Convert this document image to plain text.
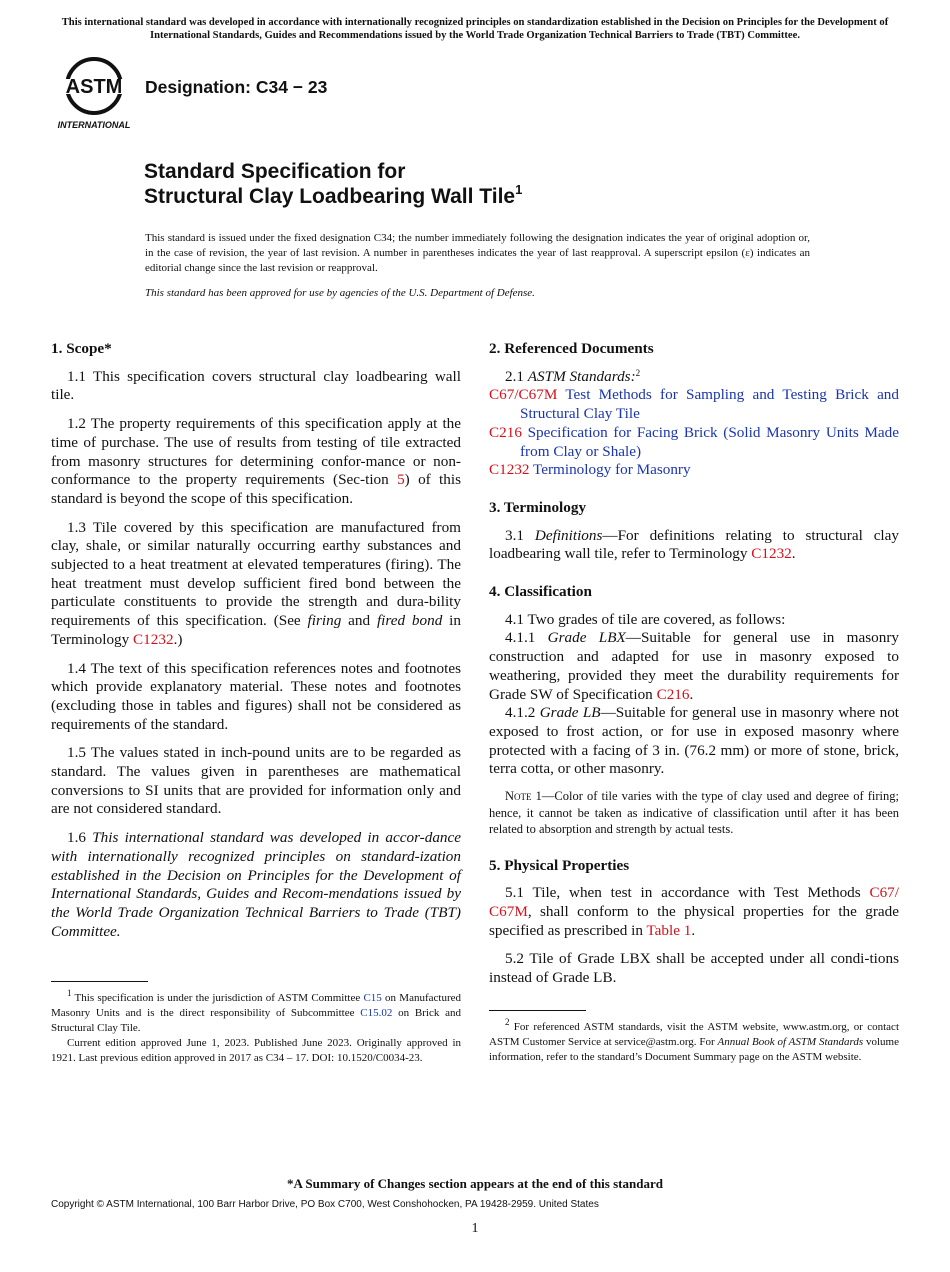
This international standard was developed in accordance with internationally recognized principles on standardization established in the Decision on Principles for the Development of International Standards, Guides and Recommendations issued by the World Trade Organization Technical Barriers to Trade (TBT) Committee.
ASTM
INTERNATIONAL
Designation: C34 − 23
Standard Specification for
Structural Clay Loadbearing Wall Tile$^1$

This standard is issued under the fixed designation C34; the number immediately following the designation indicates the year of original adoption or, in the case of revision, the year of last revision. A number in parentheses indicates the year of last reapproval. A superscript epsilon (ε) indicates an editorial change since the last revision or reapproval.

This standard has been approved for use by agencies of the U.S. Department of Defense.

1. Scope*

1.1 This specification covers structural clay loadbearing wall tile.

1.2 The property requirements of this specification apply at the time of purchase. The use of results from testing of tile extracted from masonry structures for determining confor-mance or non-conformance to the property requirements (Sec-tion 5) of this standard is beyond the scope of this specification.

1.3 Tile covered by this specification are manufactured from clay, shale, or similar naturally occurring earthy substances and subjected to a heat treatment at elevated temperatures (firing). The heat treatment must develop sufficient fired bond between the particulate constituents to provide the strength and dura-bility requirements of this specification. (See firing and fired bond in Terminology C1232.)

1.4 The text of this specification references notes and footnotes which provide explanatory material. These notes and footnotes (excluding those in tables and figures) shall not be considered as requirements of the standard.

1.5 The values stated in inch-pound units are to be regarded as standard. The values given in parentheses are mathematical conversions to SI units that are provided for information only and are not considered standard.

1.6 This international standard was developed in accor-dance with internationally recognized principles on standard-ization established in the Decision on Principles for the Development of International Standards, Guides and Recom-mendations issued by the World Trade Organization Technical Barriers to Trade (TBT) Committee.

$^1$ This specification is under the jurisdiction of ASTM Committee C15 on Manufactured Masonry Units and is the direct responsibility of Subcommittee C15.02 on Brick and Structural Clay Tile.

Current edition approved June 1, 2023. Published June 2023. Originally approved in 1921. Last previous edition approved in 2017 as C34 – 17. DOI: 10.1520/C0034-23.

2. Referenced Documents

2.1 ASTM Standards:$^2$

C67/C67M Test Methods for Sampling and Testing Brick and Structural Clay Tile

C216 Specification for Facing Brick (Solid Masonry Units Made from Clay or Shale)

C1232 Terminology for Masonry

3. Terminology

3.1 Definitions—For definitions relating to structural clay loadbearing wall tile, refer to Terminology C1232.

4. Classification

4.1 Two grades of tile are covered, as follows:

4.1.1 Grade LBX—Suitable for general use in masonry construction and adapted for use in masonry exposed to weathering, provided they meet the durability requirements for Grade SW of Specification C216.

4.1.2 Grade LB—Suitable for general use in masonry where not exposed to frost action, or for use in exposed masonry where protected with a facing of 3 in. (76.2 mm) or more of stone, brick, terra cotta, or other masonry.

Note 1—Color of tile varies with the type of clay used and degree of firing; hence, it cannot be taken as indicative of classification until after it has been related to absorption and strength by actual tests.

5. Physical Properties

5.1 Tile, when test in accordance with Test Methods C67/ C67M, shall conform to the physical properties for the grade specified as prescribed in Table 1.

5.2 Tile of Grade LBX shall be accepted under all condi-tions instead of Grade LB.

$^2$ For referenced ASTM standards, visit the ASTM website, www.astm.org, or contact ASTM Customer Service at service@astm.org. For Annual Book of ASTM Standards volume information, refer to the standard’s Document Summary page on the ASTM website.

*A Summary of Changes section appears at the end of this standard
Copyright © ASTM International, 100 Barr Harbor Drive, PO Box C700, West Conshohocken, PA 19428-2959. United States
1
